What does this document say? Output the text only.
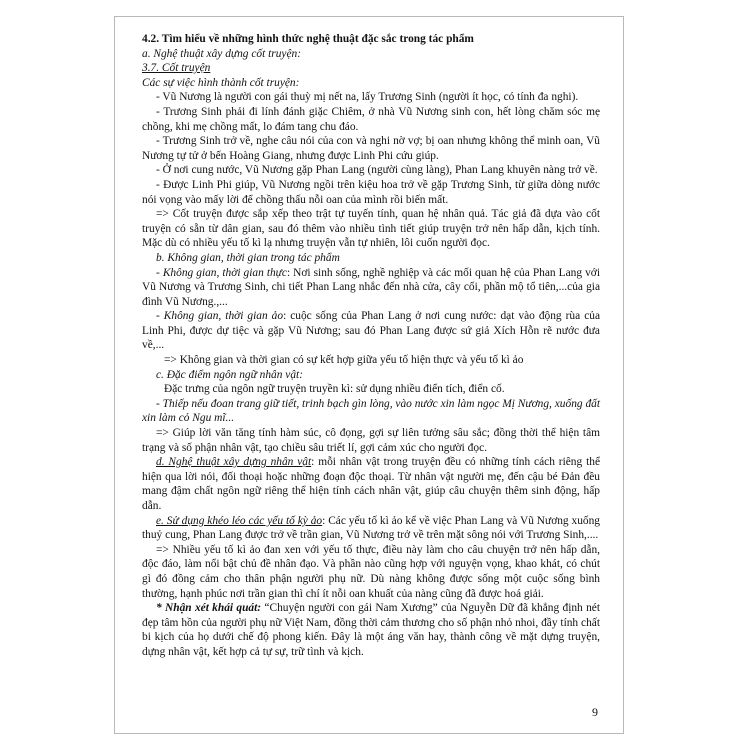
4.2. Tìm hiểu về những hình thức nghệ thuật đặc sắc trong tác phẩm

a. Nghệ thuật xây dựng cốt truyện:

3.7. Cốt truyện

Các sự việc hình thành cốt truyện:

- Vũ Nương là người con gái thuỳ mị nết na, lấy Trương Sinh (người ít học, có tính đa nghi).

- Trương Sinh phải đi lính đánh giặc Chiêm, ở nhà Vũ Nương sinh con, hết lòng chăm sóc mẹ chồng, khi mẹ chồng mất, lo đám tang chu đáo.

- Trương Sinh trở về, nghe câu nói của con và nghi nờ vợ; bị oan nhưng không thể minh oan, Vũ Nương tự tử ở bến Hoàng Giang, nhưng được Linh Phi cứu giúp.

- Ở nơi cung nước, Vũ Nương gặp Phan Lang (người cùng làng), Phan Lang khuyên nàng trở về.

- Được Linh Phi giúp, Vũ Nương ngồi trên kiệu hoa trở về gặp Trương Sinh, từ giữa dòng nước nói vọng vào mấy lời để chồng thấu nỗi oan của mình rồi biến mất.

=> Cốt truyện được sắp xếp theo trật tự tuyến tính, quan hệ nhân quả. Tác giả đã dựa vào cốt truyện có sẵn từ dân gian, sau đó thêm vào nhiều tình tiết giúp truyện trở nên hấp dẫn, kịch tính. Mặc dù có nhiều yếu tố kì lạ nhưng truyện vẫn tự nhiên, lôi cuốn người đọc.

b. Không gian, thời gian trong tác phẩm

- Không gian, thời gian thực: Nơi sinh sống, nghề nghiệp và các mối quan hệ của Phan Lang với Vũ Nương và Trương Sinh, chi tiết Phan Lang nhắc đến nhà cửa, cây cối, phần mộ tổ tiên,...của gia đình Vũ Nương.,...

- Không gian, thời gian ảo: cuộc sống của Phan Lang ở nơi cung nước: dạt vào động rùa của Linh Phi, được dự tiệc và gặp Vũ Nương; sau đó Phan Lang được sứ giả Xích Hỗn rẽ nước đưa về,...

=> Không gian và thời gian có sự kết hợp giữa yếu tố hiện thực và yếu tố kì ảo

c. Đặc điểm ngôn ngữ nhân vật:

Đặc trưng của ngôn ngữ truyện truyền kì: sử dụng nhiều điển tích, điển cố.

- Thiếp nếu đoan trang giữ tiết, trinh bạch gìn lòng, vào nước xin làm ngọc Mị Nương, xuống đất xin làm cỏ Ngu mĩ...

=> Giúp lời văn tăng tính hàm súc, cô đọng, gợi sự liên tưởng sâu sắc; đồng thời thể hiện tâm trạng và số phận nhân vật, tạo chiều sâu triết lí, gợi cảm xúc cho người đọc.

d. Nghệ thuật xây dựng nhân vật: mỗi nhân vật trong truyện đều có những tính cách riêng thể hiện qua lời nói, đối thoại hoặc những đoạn độc thoại. Từ nhân vật người mẹ, đến cậu bé Đản đều mang đậm chất ngôn ngữ riêng thể hiện tính cách nhân vật, giúp câu chuyện thêm sinh động, hấp dẫn.

e. Sử dụng khéo léo các yếu tố kỳ ảo: Các yếu tố kì ảo kể về việc Phan Lang và Vũ Nương xuống thuỷ cung, Phan Lang được trở về trần gian, Vũ Nương trở về trên mặt sông nói với Trương Sinh,....

=> Nhiều yếu tố kì ảo đan xen với yếu tố thực, điều này làm cho câu chuyện trở nên hấp dẫn, độc đáo, làm nổi bật chủ đề nhân đạo. Và phần nào cũng hợp với nguyện vọng, khao khát, có chút gì đó đồng cảm cho thân phận người phụ nữ. Dù nàng không được sống một cuộc sống bình thường, hạnh phúc nơi trần gian thì chí ít nỗi oan khuất của nàng cũng đã được hoá giải.

* Nhận xét khái quát: “Chuyện người con gái Nam Xương” của Nguyễn Dữ đã khẳng định nét đẹp tâm hồn của người phụ nữ Việt Nam, đồng thời cảm thương cho số phận nhỏ nhoi, đầy tính chất bi kịch của họ dưới chế độ phong kiến. Đây là một áng văn hay, thành công về mặt dựng truyện, dựng nhân vật, kết hợp cả tự sự, trữ tình và kịch.

9
